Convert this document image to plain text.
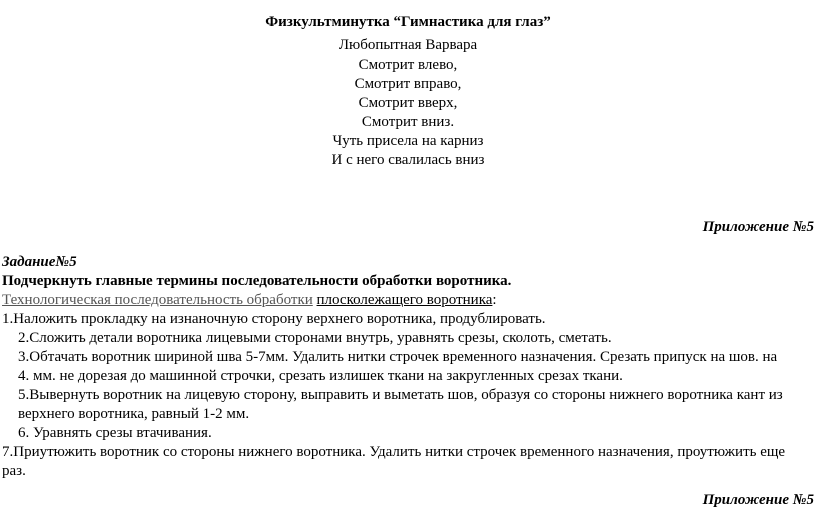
Физкультминутка “Гимнастика для глаз”
Любопытная Варвара
Смотрит влево,
Смотрит вправо,
Смотрит вверх,
Смотрит вниз.
Чуть присела на карниз
И с него свалилась вниз
Приложение №5
Задание№5
Подчеркнуть главные термины последовательности обработки воротника.
Технологическая последовательность обработки плосколежащего воротника:
1.Наложить прокладку на изнаночную сторону верхнего воротника, продублировать.
2.Сложить детали воротника лицевыми сторонами внутрь, уравнять срезы, сколоть, сметать.
3.Обтачать воротник шириной шва 5-7мм. Удалить нитки строчек временного назначения. Срезать припуск на шов. на
4. мм. не дорезая до машинной строчки, срезать излишек ткани на закругленных срезах ткани.
5.Вывернуть воротник на лицевую сторону, выправить и выметать шов, образуя со стороны нижнего воротника кант из
верхнего воротника, равный 1-2 мм.
6. Уравнять срезы втачивания.
7.Приутюжить воротник со стороны нижнего воротника. Удалить нитки строчек временного назначения, проутюжить еще
раз.
Приложение №5
